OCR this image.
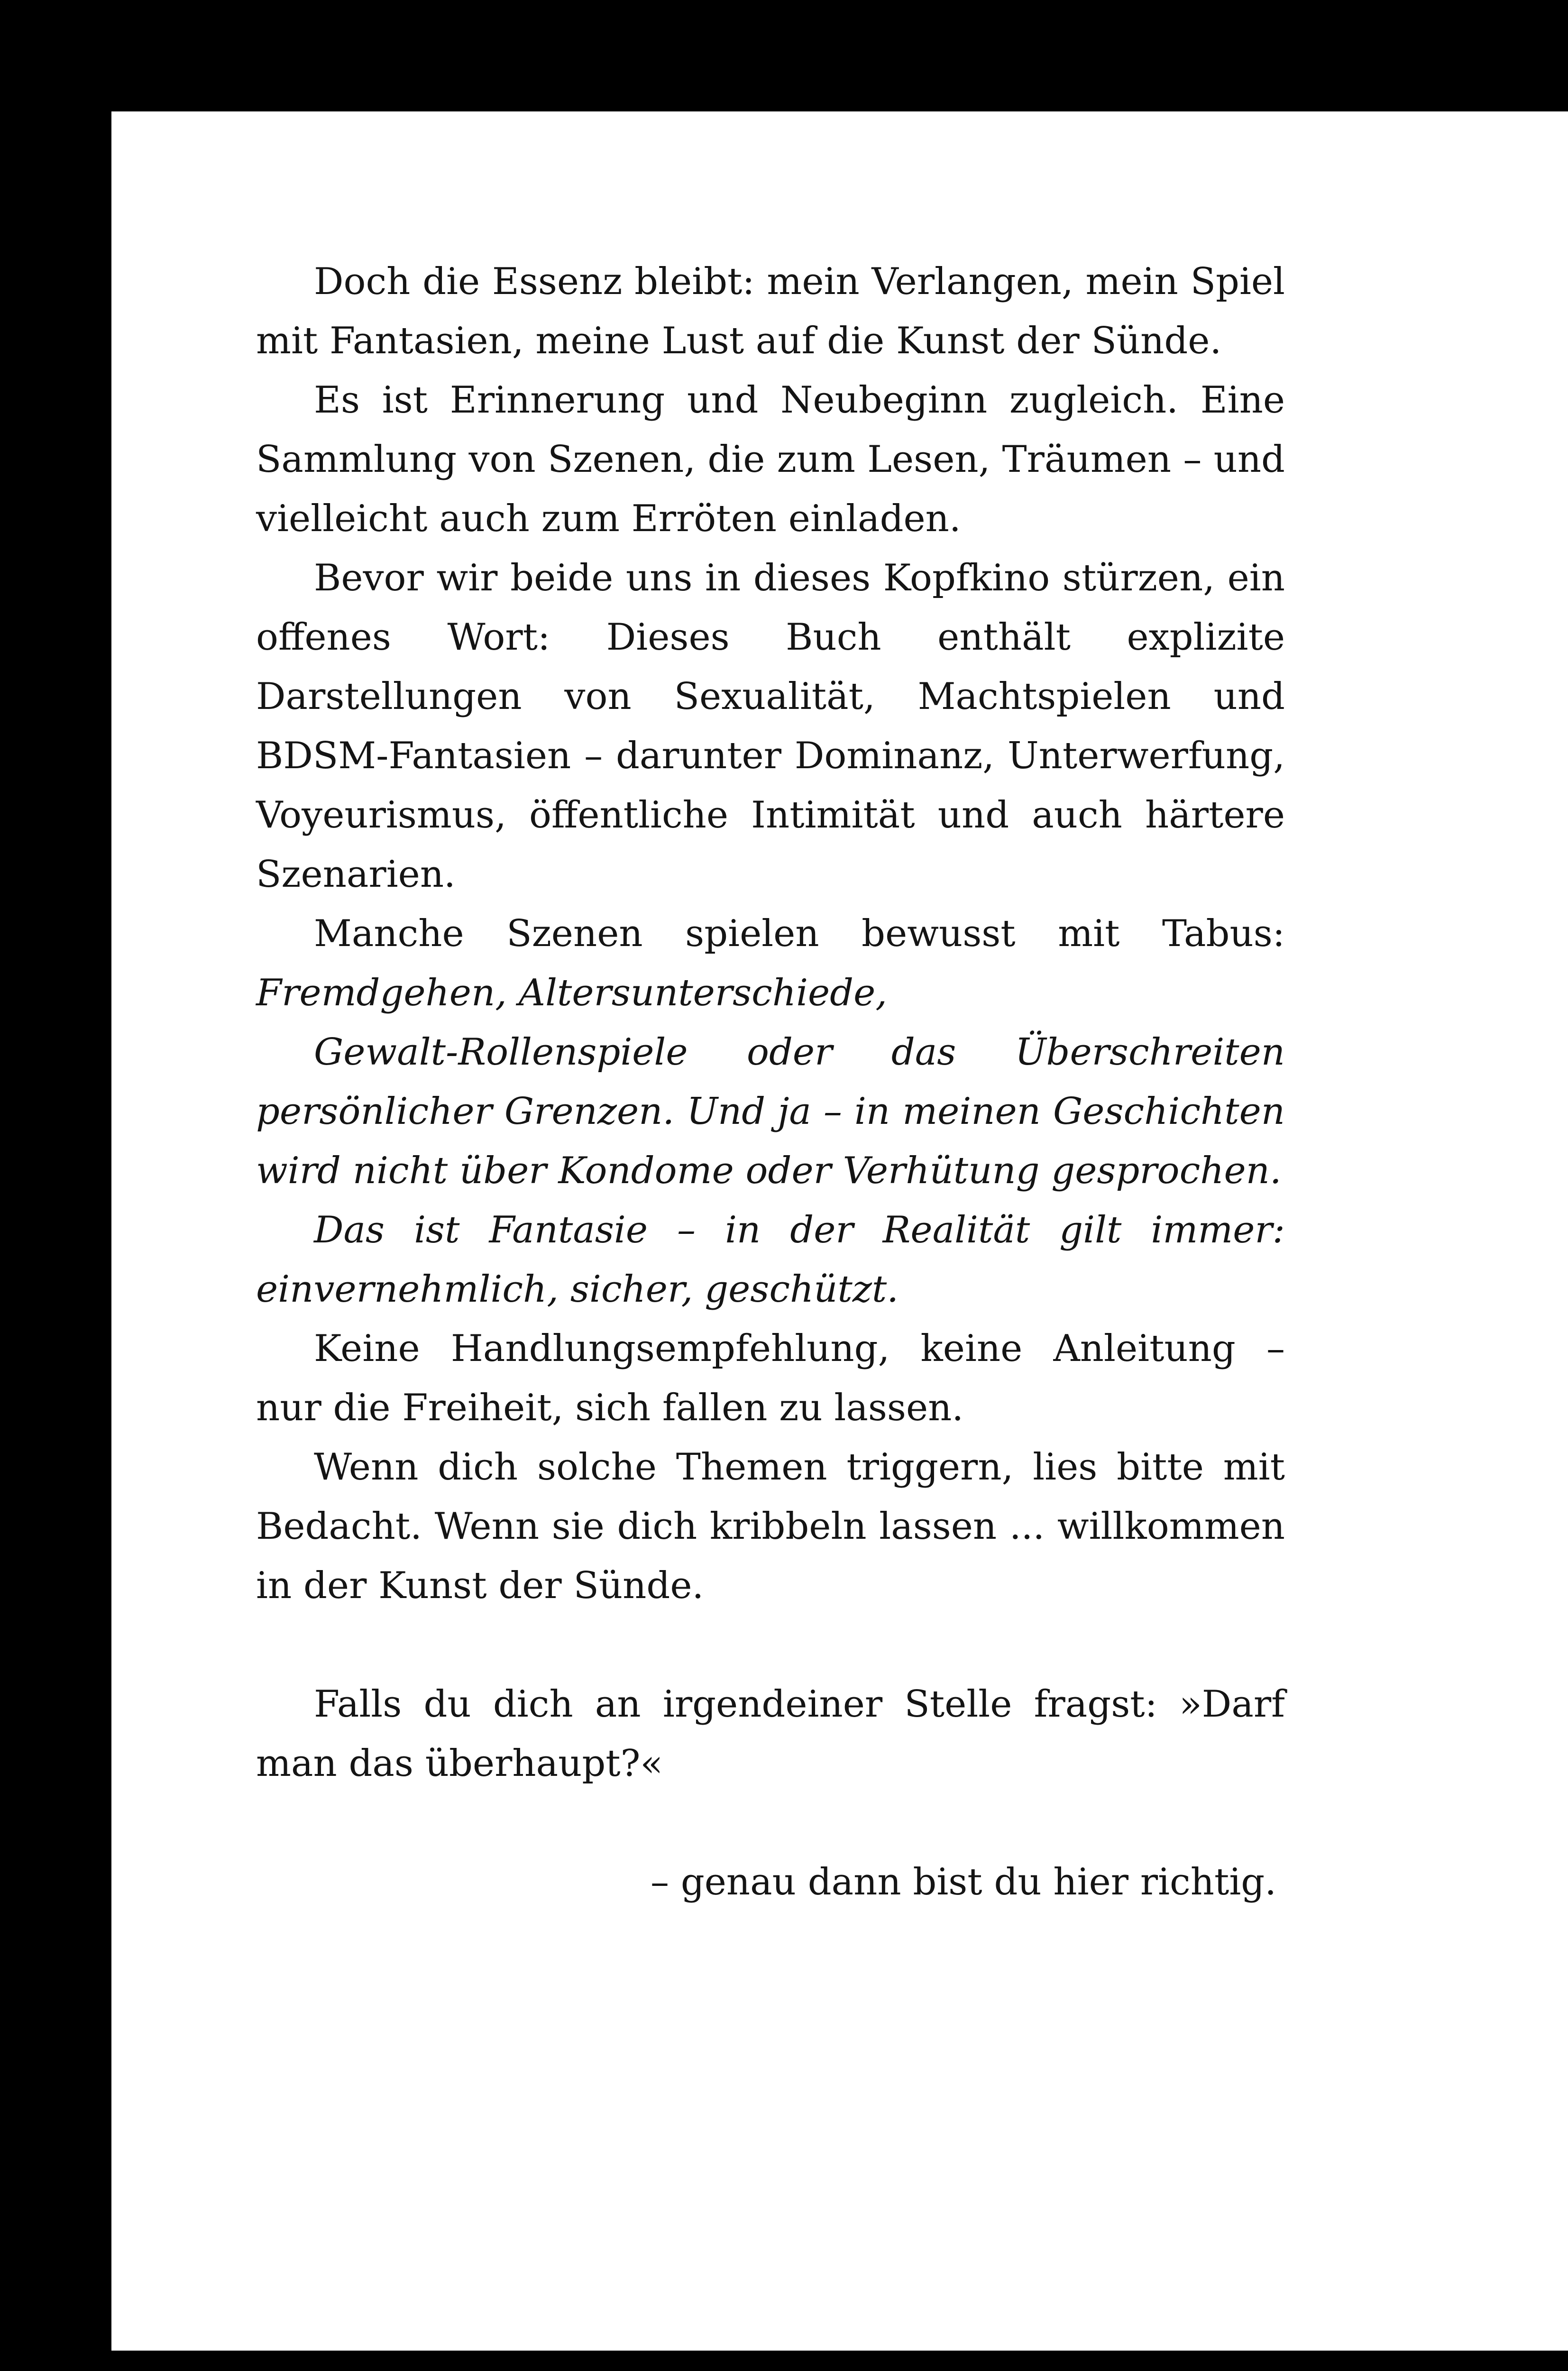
Doch die Essenz bleibt: mein Verlangen, mein Spiel mit Fantasien, meine Lust auf die Kunst der Sünde.

Es ist Erinnerung und Neubeginn zugleich. Eine Sammlung von Szenen, die zum Lesen, Träumen – und vielleicht auch zum Erröten einladen.

Bevor wir beide uns in dieses Kopfkino stürzen, ein offenes Wort: Dieses Buch enthält explizite Darstellungen von Sexualität, Machtspielen und BDSM-Fantasien – darunter Dominanz, Unterwerfung, Voyeurismus, öffentliche Intimität und auch härtere Szenarien.

Manche Szenen spielen bewusst mit Tabus: Fremdgehen, Altersunterschiede,

Gewalt-Rollenspiele oder das Überschreiten persönlicher Grenzen. Und ja – in meinen Geschichten wird nicht über Kondome oder Verhütung gesprochen.

Das ist Fantasie – in der Realität gilt immer: einvernehmlich, sicher, geschützt.

Keine Handlungsempfehlung, keine Anleitung – nur die Freiheit, sich fallen zu lassen.

Wenn dich solche Themen triggern, lies bitte mit Bedacht. Wenn sie dich kribbeln lassen ... willkommen in der Kunst der Sünde.

Falls du dich an irgendeiner Stelle fragst: »Darf man das überhaupt?«

– genau dann bist du hier richtig.
